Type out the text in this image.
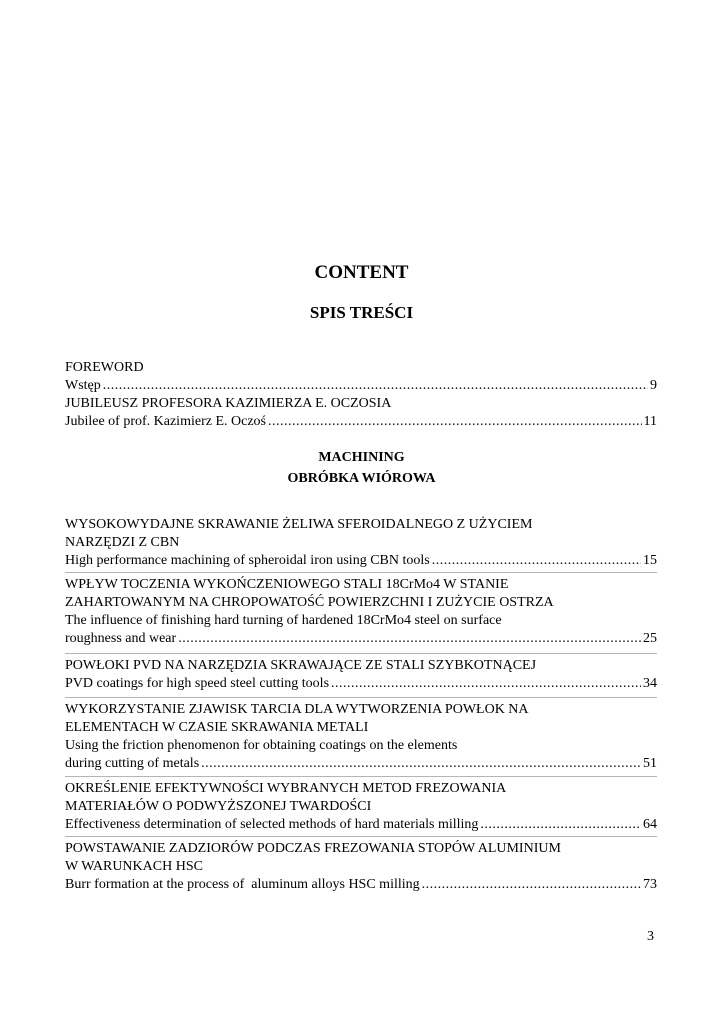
CONTENT
SPIS TREŚCI
FOREWORD
Wstęp .....	9
JUBILEUSZ PROFESORA KAZIMIERZA E. OCZOSIA
Jubilee of prof. Kazimierz E. Oczoś .....	11
MACHINING
OBRÓBKA WIÓROWA
WYSOKOWYDAJNE SKRAWANIE ŻELIWA SFEROIDALNEGO Z UŻYCIEM
NARZĘDZI Z CBN
High performance machining of spheroidal iron using CBN tools .....	15
WPŁYW TOCZENIA WYKOŃCZENIOWEGO STALI 18CrMo4 W STANIE
ZAHARTOWANYM NA CHROPOWATOŚĆ POWIERZCHNI I ZUŻYCIE OSTRZA
The influence of finishing hard turning of hardened 18CrMo4 steel on surface
roughness and wear .....	25
POWŁOKI PVD NA NARZĘDZIA SKRAWAJĄCE ZE STALI SZYBKOTNĄCEJ
PVD coatings for high speed steel cutting tools .....	34
WYKORZYSTANIE ZJAWISK TARCIA DLA WYTWORZENIA POWŁOK NA
ELEMENTACH W CZASIE SKRAWANIA METALI
Using the friction phenomenon for obtaining coatings on the elements
during cutting of metals .....	51
OKREŚLENIE EFEKTYWNOŚCI WYBRANYCH METOD FREZOWANIA
MATERIAŁÓW O PODWYŻSZONEJ TWARDOŚCI
Effectiveness determination of selected methods of hard materials milling .....	64
POWSTAWANIE ZADZIORÓW PODCZAS FREZOWANIA STOPÓW ALUMINIUM
W WARUNKACH HSC
Burr formation at the process of  aluminum alloys HSC milling .....	73
3
